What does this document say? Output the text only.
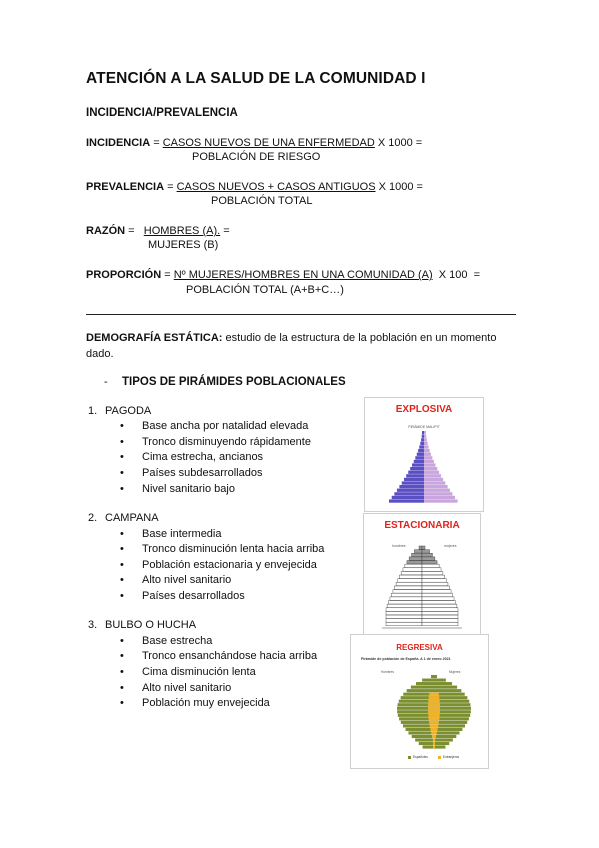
ATENCIÓN A LA SALUD DE LA COMUNIDAD I
INCIDENCIA/PREVALENCIA
INCIDENCIA = CASOS NUEVOS DE UNA ENFERMEDAD X 1000 =
POBLACIÓN DE RIESGO
PREVALENCIA = CASOS NUEVOS + CASOS ANTIGUOS X 1000 =
POBLACIÓN TOTAL
RAZÓN =   HOMBRES (A). =
MUJERES (B)
PROPORCIÓN = Nº MUJERES/HOMBRES EN UNA COMUNIDAD (A)  X 100  =
POBLACIÓN TOTAL (A+B+C…)
DEMOGRAFÍA ESTÁTICA: estudio de la estructura de la población en un momento dado.
- TIPOS DE PIRÁMIDES POBLACIONALES
1. PAGODA
• Base ancha por natalidad elevada
• Tronco disminuyendo rápidamente
• Cima estrecha, ancianos
• Países subdesarrollados
• Nivel sanitario bajo
2. CAMPANA
• Base intermedia
• Tronco disminución lenta hacia arriba
• Población estacionaria y envejecida
• Alto nivel sanitario
• Países desarrollados
3. BULBO O HUCHA
• Base estrecha
• Tronco ensanchándose hacia arriba
• Cima disminución lenta
• Alto nivel sanitario
• Población muy envejecida
EXPLOSIVA
PIRÁMIDE MALIPIT
ESTACIONARIA
hombres	mujeres
REGRESIVA
Pirámide de población de España. A 1 de enero 2021
Hombres	Mujeres
Españoles	Extranjeros
